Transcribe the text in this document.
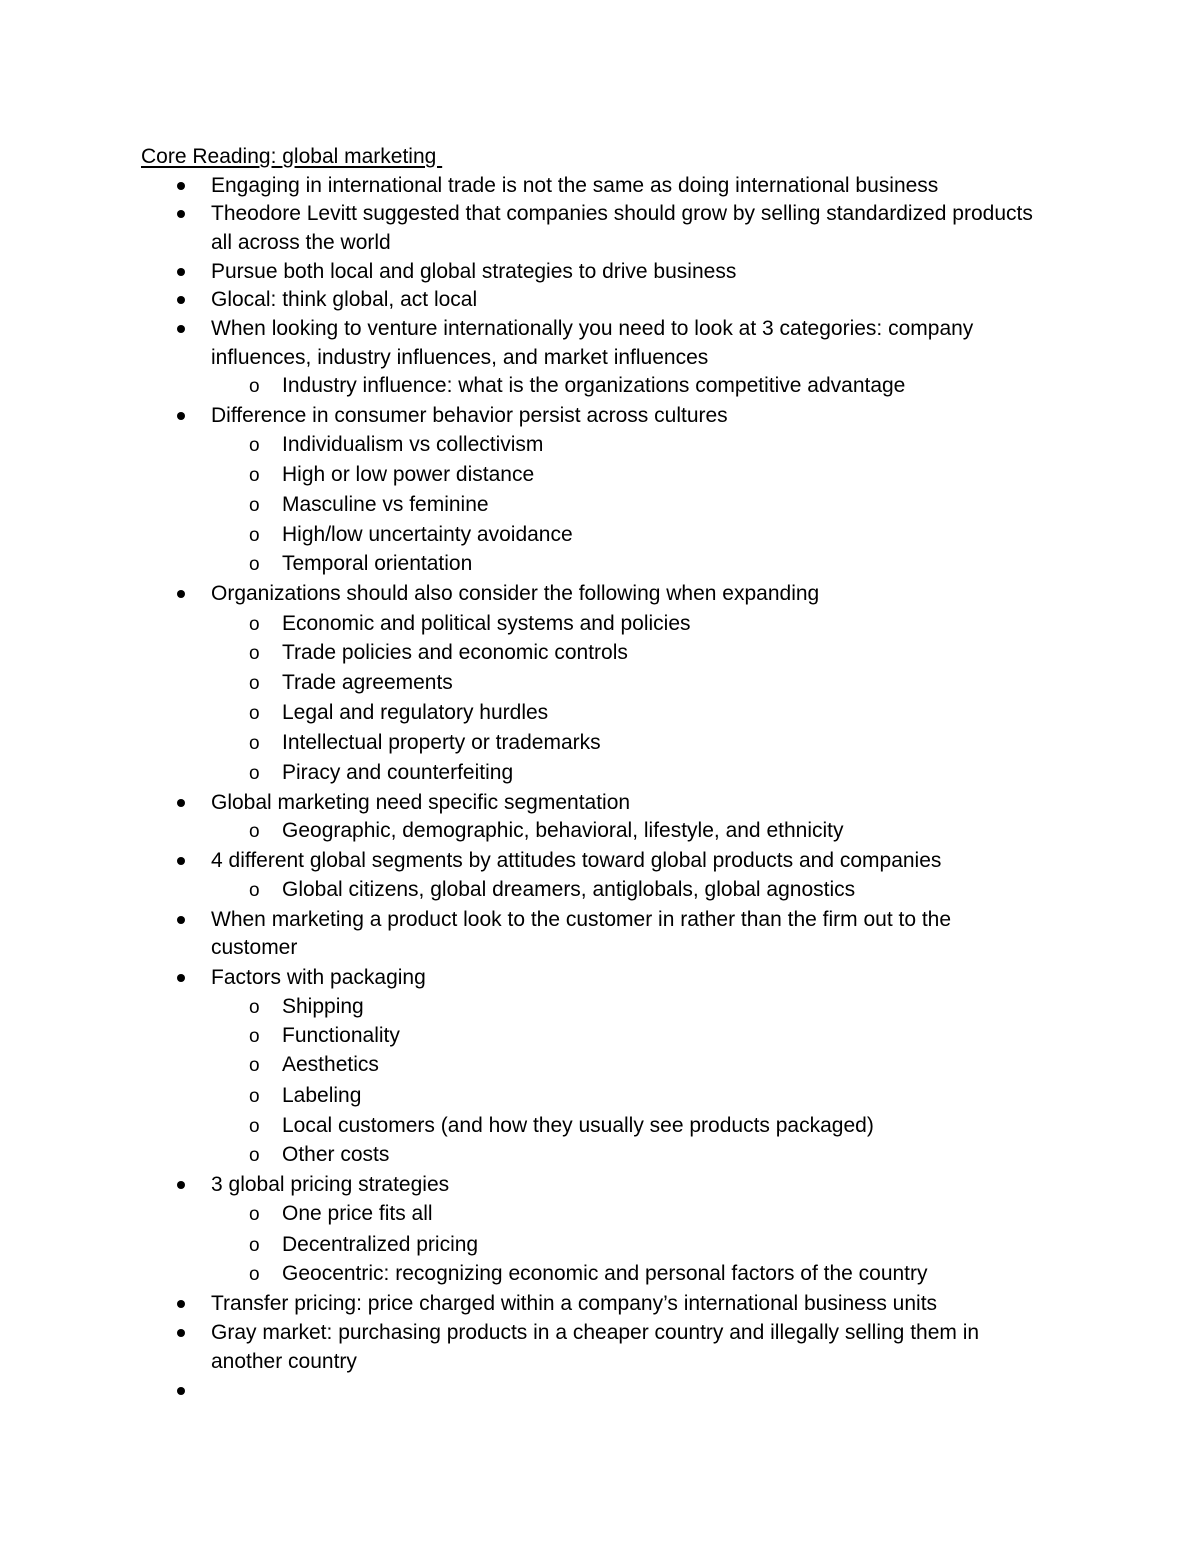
Core Reading: global marketing
Engaging in international trade is not the same as doing international business
Theodore Levitt suggested that companies should grow by selling standardized products
all across the world
Pursue both local and global strategies to drive business
Glocal: think global, act local
When looking to venture internationally you need to look at 3 categories: company
influences, industry influences, and market influences
o Industry influence: what is the organizations competitive advantage
Difference in consumer behavior persist across cultures
o Individualism vs collectivism
o High or low power distance
o Masculine vs feminine
o High/low uncertainty avoidance
o Temporal orientation
Organizations should also consider the following when expanding
o Economic and political systems and policies
o Trade policies and economic controls
o Trade agreements
o Legal and regulatory hurdles
o Intellectual property or trademarks
o Piracy and counterfeiting
Global marketing need specific segmentation
o Geographic, demographic, behavioral, lifestyle, and ethnicity
4 different global segments by attitudes toward global products and companies
o Global citizens, global dreamers, antiglobals, global agnostics
When marketing a product look to the customer in rather than the firm out to the
customer
Factors with packaging
o Shipping
o Functionality
o Aesthetics
o Labeling
o Local customers (and how they usually see products packaged)
o Other costs
3 global pricing strategies
o One price fits all
o Decentralized pricing
o Geocentric: recognizing economic and personal factors of the country
Transfer pricing: price charged within a company’s international business units
Gray market: purchasing products in a cheaper country and illegally selling them in
another country
